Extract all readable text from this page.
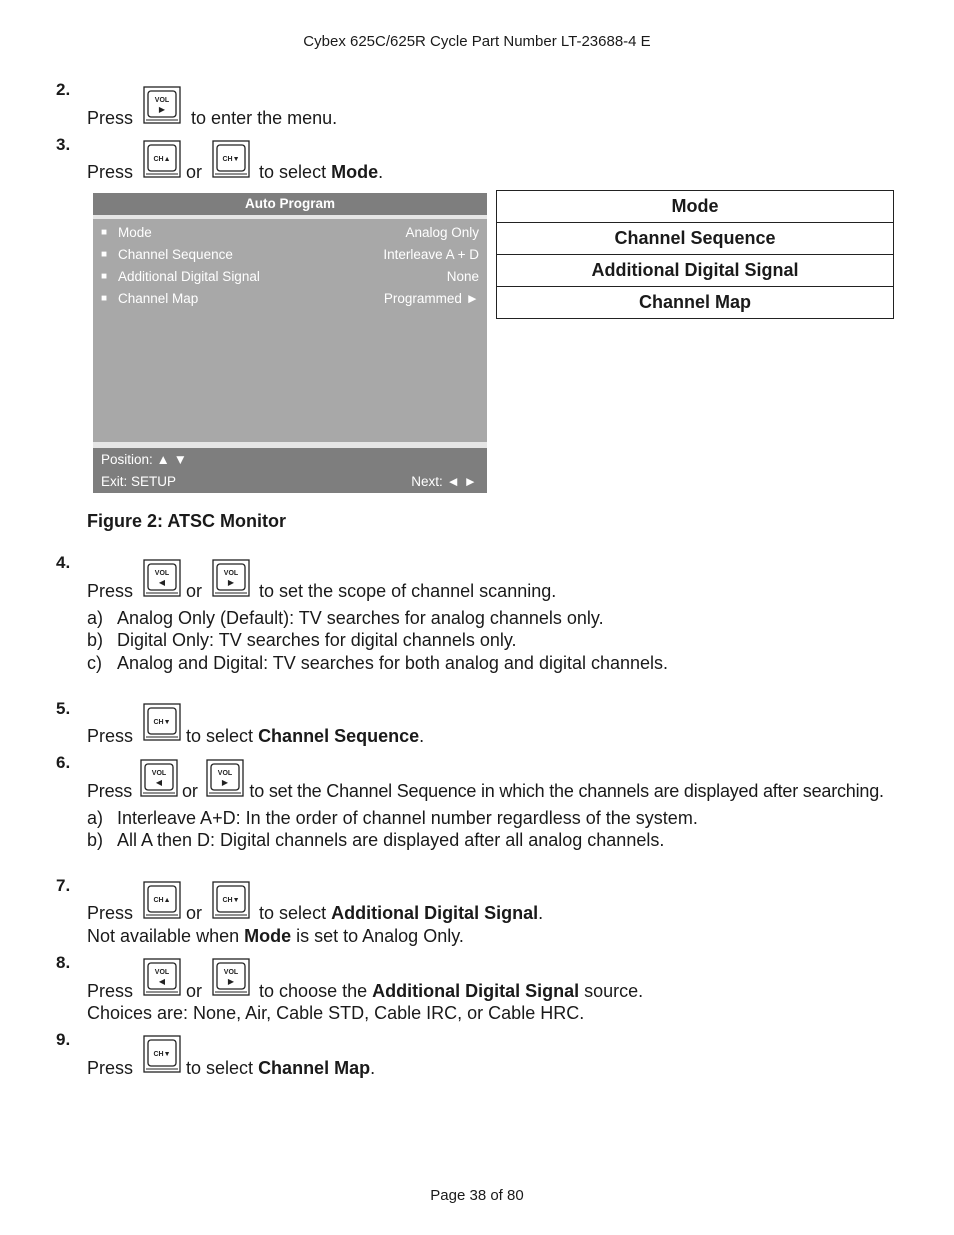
Cybex 625C/625R Cycle Part Number LT-23688-4 E
2.
Press	to enter the menu.
VOL
▶
3.
Press	or	to select Mode.
CH▲	CH▼
Auto Program
■ Mode	Analog Only
■ Channel Sequence	Interleave A + D
■ Additional Digital Signal	None
■ Channel Map	Programmed ►
Position: ▲ ▼
Exit: SETUP	Next: ◄ ►
Mode
Channel Sequence
Additional Digital Signal
Channel Map
Figure 2: ATSC Monitor
4.
Press	or	to set the scope of channel scanning.
VOL
◀
VOL
▶
a) Analog Only (Default): TV searches for analog channels only.
b) Digital Only: TV searches for digital channels only.
c) Analog and Digital: TV searches for both analog and digital channels.
5.
Press	to select Channel Sequence.
CH▼
6.
Press	or	to set the Channel Sequence in which the channels are displayed after searching.
VOL
◀
VOL
▶
a) Interleave A+D: In the order of channel number regardless of the system.
b) All A then D: Digital channels are displayed after all analog channels.
7.
Press	or	to select Additional Digital Signal.
CH▲	CH▼
Not available when Mode is set to Analog Only.
8.
Press	or	to choose the Additional Digital Signal source.
VOL
◀
VOL
▶
Choices are: None, Air, Cable STD, Cable IRC, or Cable HRC.
9.
Press	to select Channel Map.
CH▼
Page 38 of 80
